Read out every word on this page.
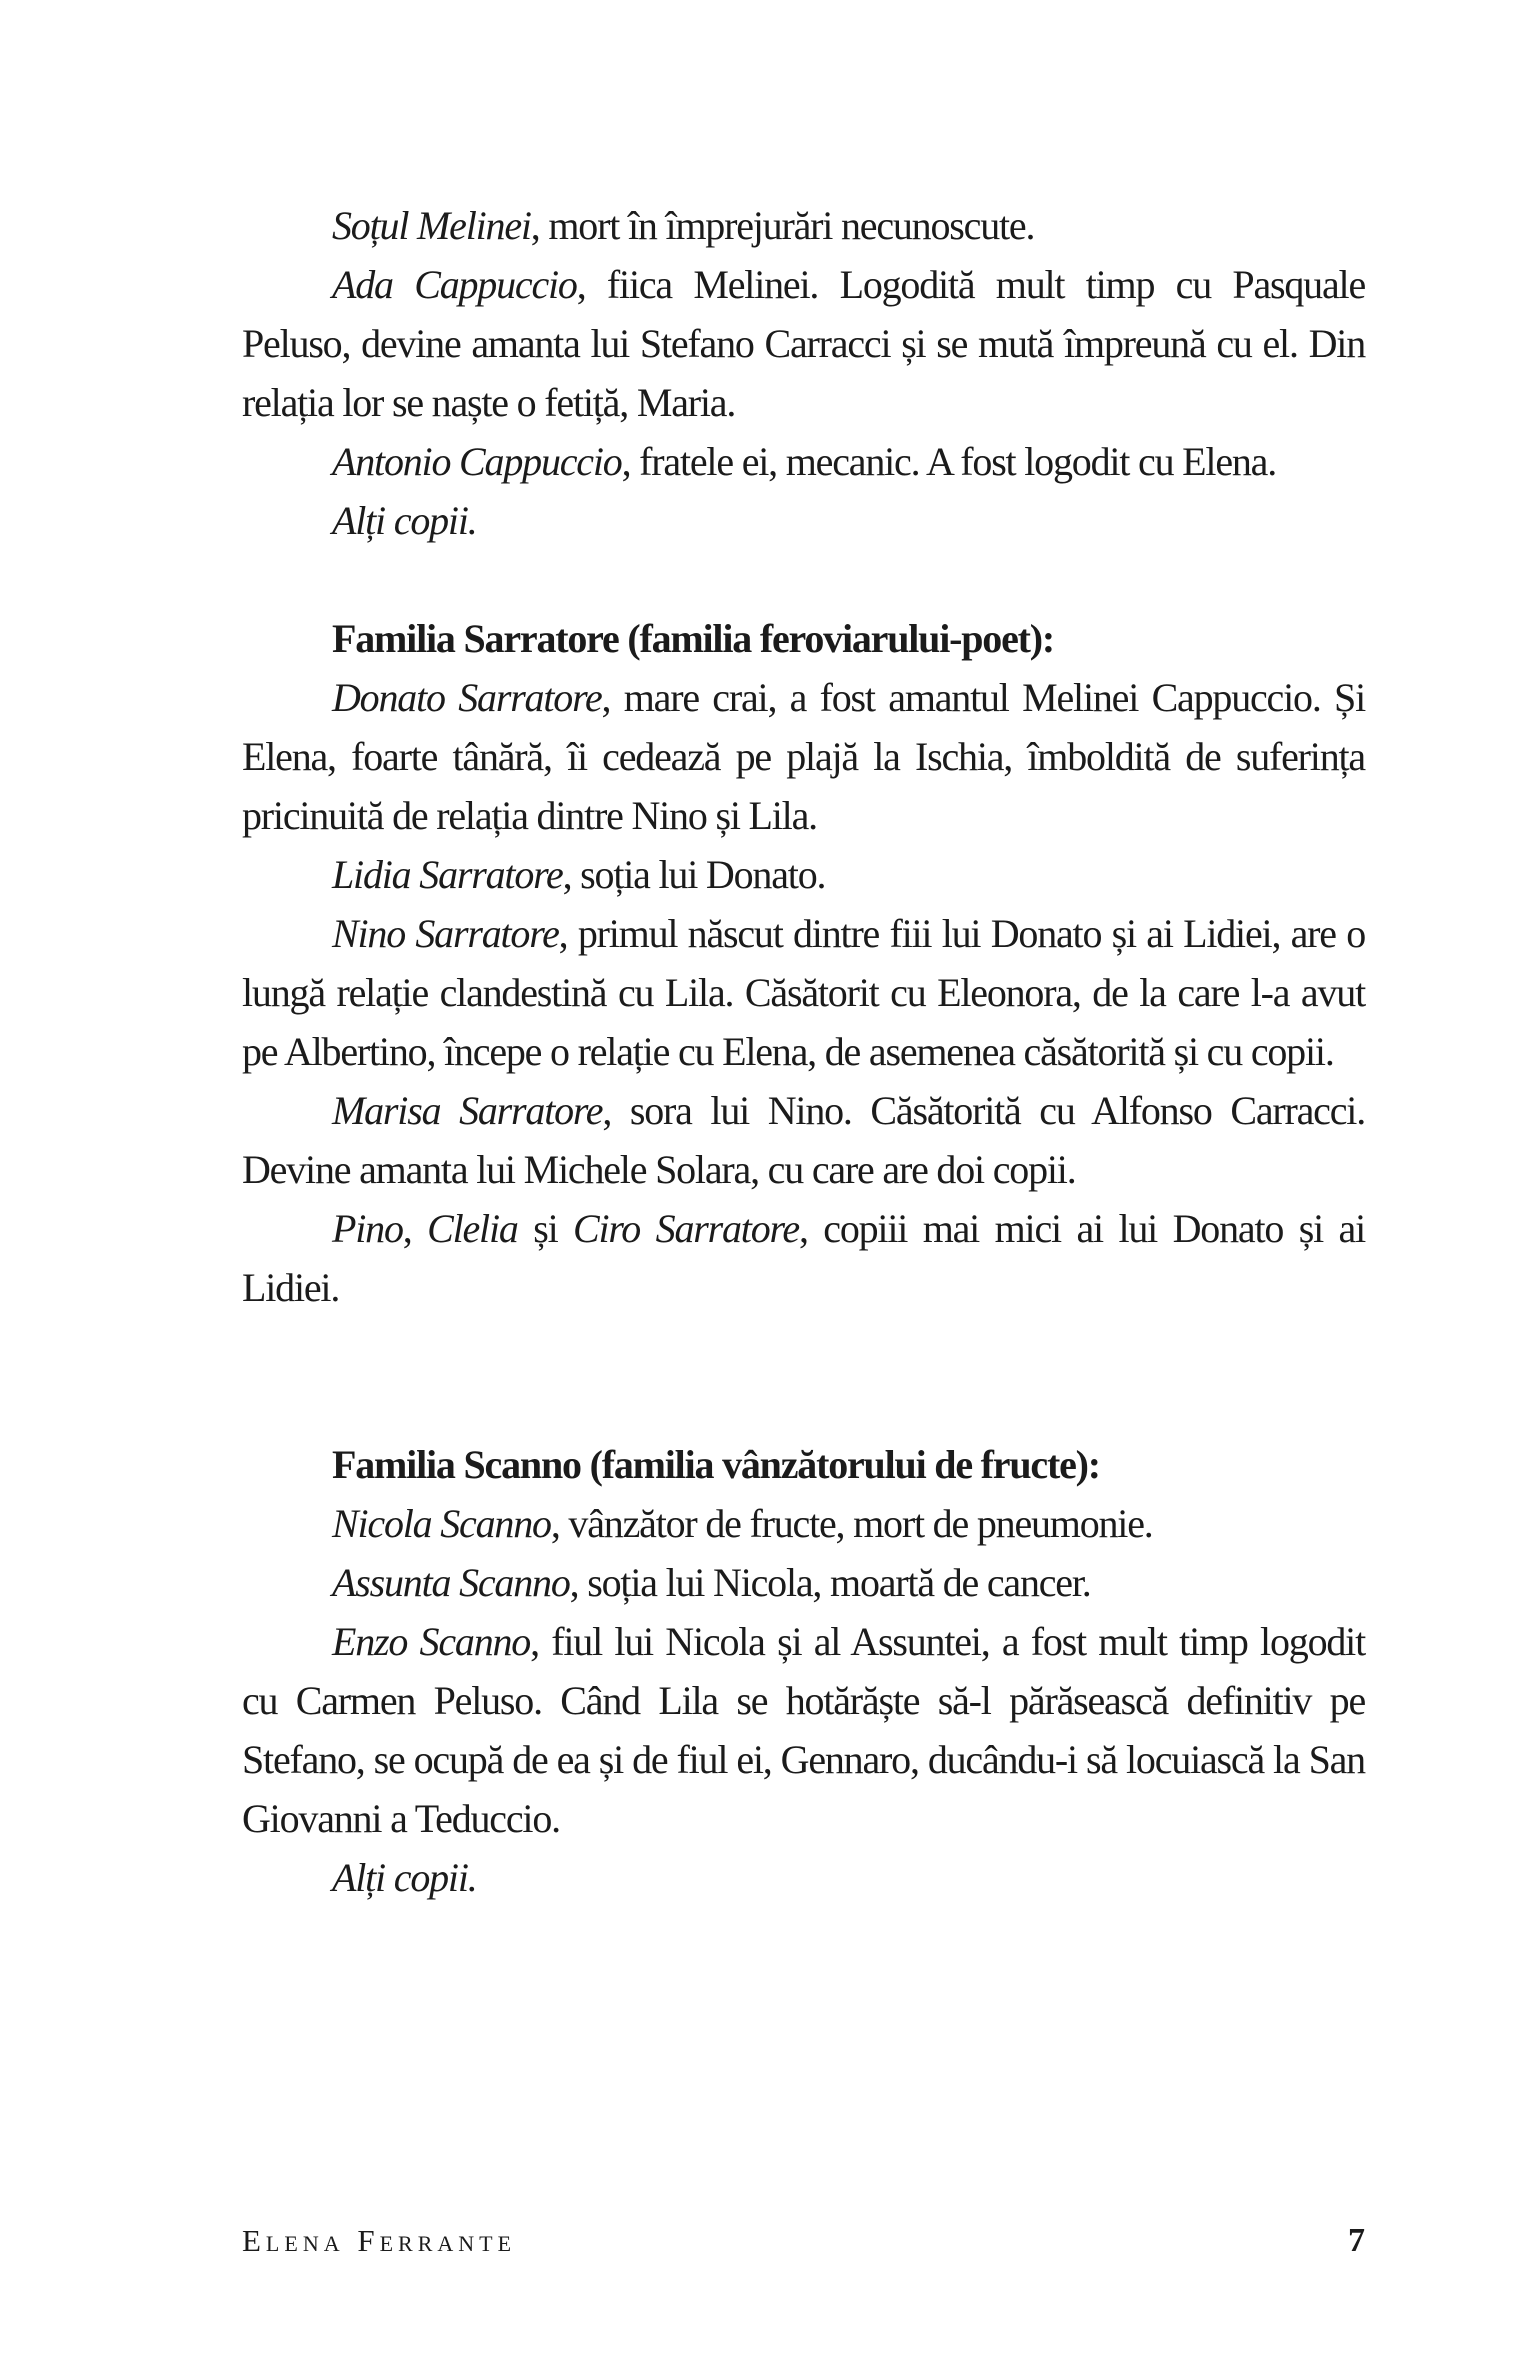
Soțul Melinei, mort în împrejurări necunoscute.

Ada Cappuccio, fiica Melinei. Logodită mult timp cu Pasquale Peluso, devine amanta lui Stefano Carracci și se mută împreună cu el. Din relația lor se naște o fetiță, Maria.

Antonio Cappuccio, fratele ei, mecanic. A fost logodit cu Elena.

Alți copii.

Familia Sarratore (familia feroviarului-poet):

Donato Sarratore, mare crai, a fost amantul Melinei Cappuccio. Și Elena, foarte tânără, îi cedează pe plajă la Ischia, îmboldită de suferința pricinuită de relația dintre Nino și Lila.

Lidia Sarratore, soția lui Donato.

Nino Sarratore, primul născut dintre fiii lui Donato și ai Lidiei, are o lungă relație clandestină cu Lila. Căsătorit cu Eleonora, de la care l-a avut pe Albertino, începe o relație cu Elena, de asemenea căsătorită și cu copii.

Marisa Sarratore, sora lui Nino. Căsătorită cu Alfonso Carracci. Devine amanta lui Michele Solara, cu care are doi copii.

Pino, Clelia și Ciro Sarratore, copiii mai mici ai lui Donato și ai Lidiei.

Familia Scanno (familia vânzătorului de fructe):

Nicola Scanno, vânzător de fructe, mort de pneumonie.

Assunta Scanno, soția lui Nicola, moartă de cancer.

Enzo Scanno, fiul lui Nicola și al Assuntei, a fost mult timp logodit cu Carmen Peluso. Când Lila se hotărăște să-l părăsească definitiv pe Stefano, se ocupă de ea și de fiul ei, Gennaro, ducându-i să locuiască la San Giovanni a Teduccio.

Alți copii.

Elena Ferrante	7
